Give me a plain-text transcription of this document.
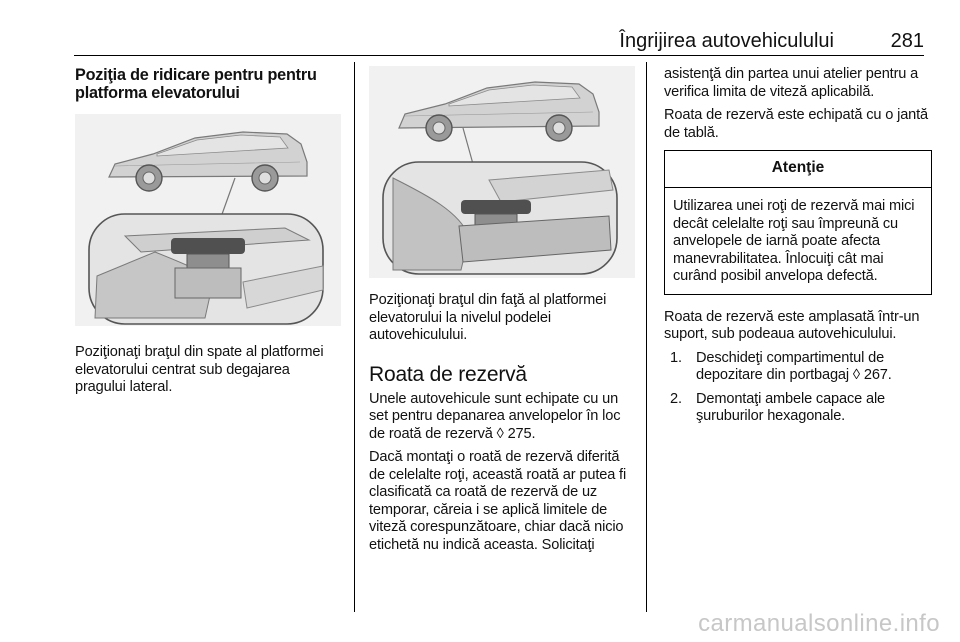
Îngrijirea autovehiculului	281
Poziţia de ridicare pentru pentru platforma elevatorului
Poziţionaţi braţul din spate al platformei elevatorului centrat sub degajarea pragului lateral.
Poziţionaţi braţul din faţă al platformei elevatorului la nivelul podelei autovehiculului.
Roata de rezervă
Unele autovehicule sunt echipate cu un set pentru depanarea anvelopelor în loc de roată de rezervă ◊ 275.
Dacă montaţi o roată de rezervă diferită de celelalte roţi, această roată ar putea fi clasificată ca roată de rezervă de uz temporar, căreia i se aplică limitele de viteză corespunzătoare, chiar dacă nicio etichetă nu indică aceasta. Solicitaţi
asistenţă din partea unui atelier pentru a verifica limita de viteză aplicabilă.
Roata de rezervă este echipată cu o jantă de tablă.
Atenţie
Utilizarea unei roţi de rezervă mai mici decât celelalte roţi sau împreună cu anvelopele de iarnă poate afecta manevrabilitatea. Înlocuiţi cât mai curând posibil anvelopa defectă.
Roata de rezervă este amplasată într-un suport, sub podeaua autovehiculului.
1. Deschideţi compartimentul de depozitare din portbagaj ◊ 267.
2. Demontaţi ambele capace ale şuruburilor hexagonale.
carmanualsonline.info
